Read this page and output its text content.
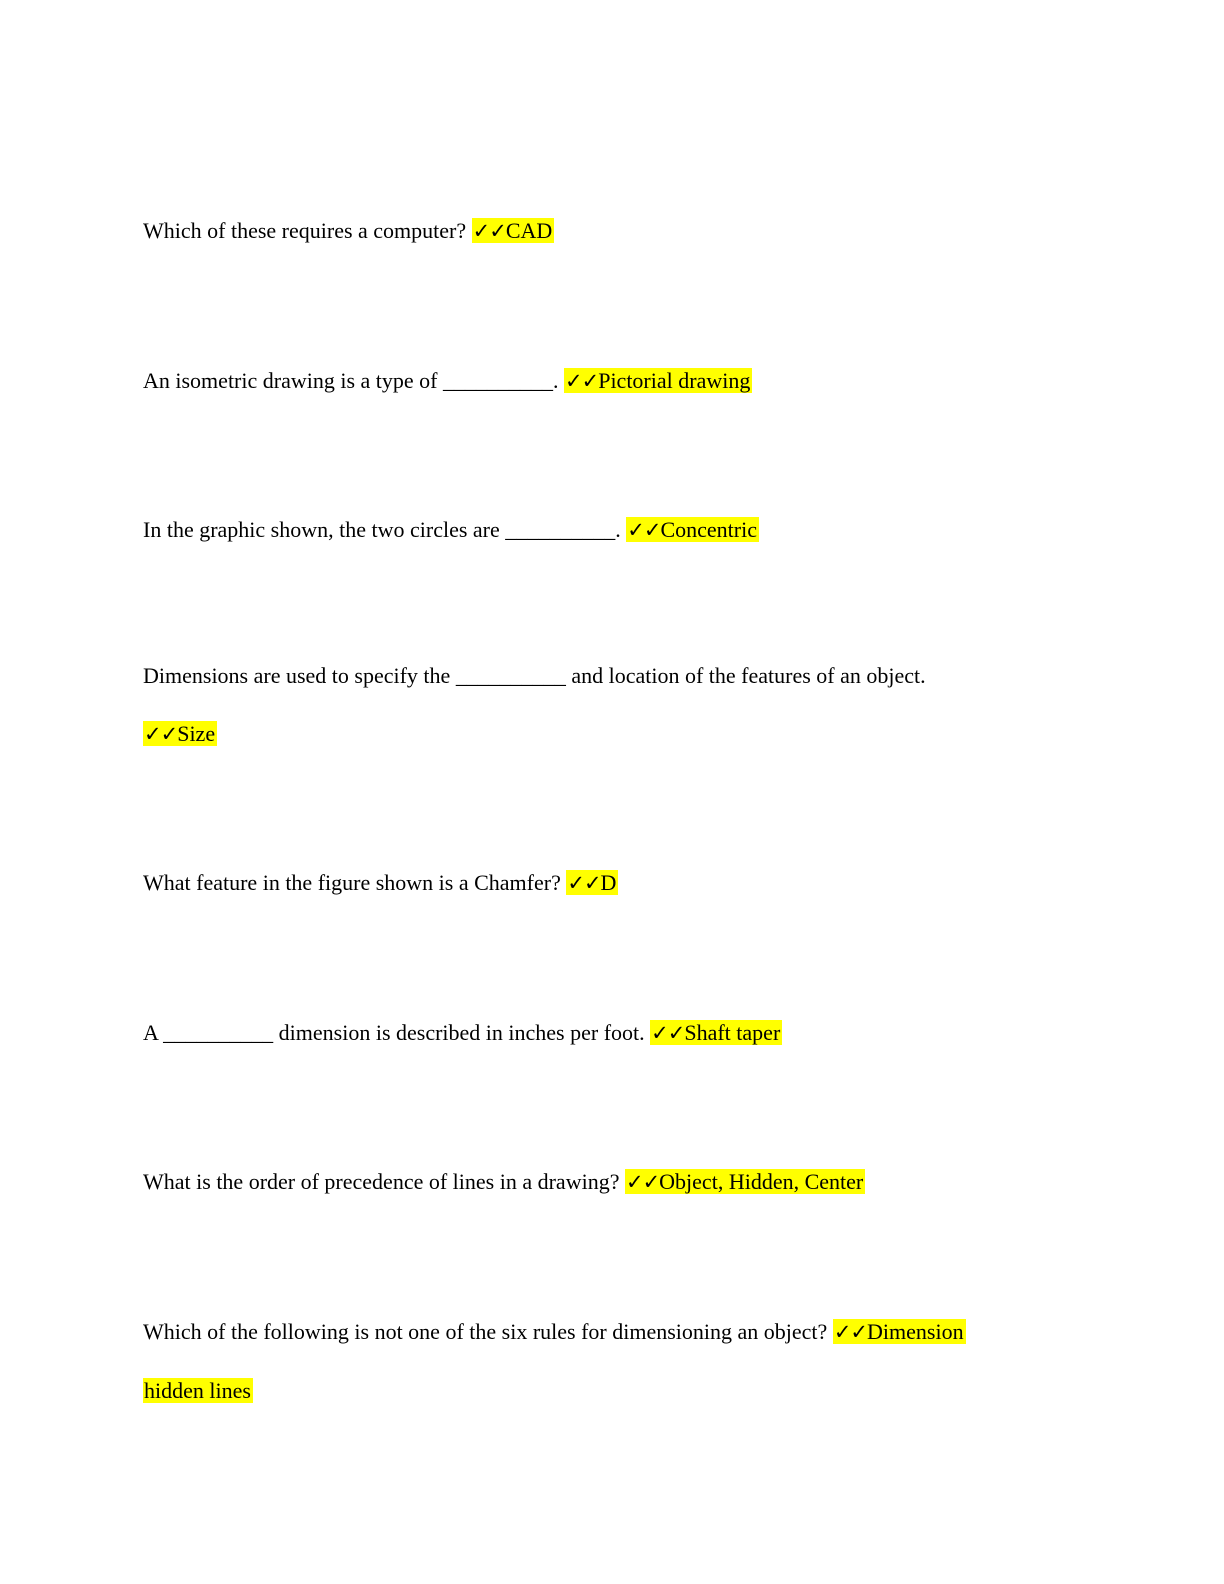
Which of these requires a computer? ✓✓CAD
An isometric drawing is a type of __________. ✓✓Pictorial drawing
In the graphic shown, the two circles are __________. ✓✓Concentric
Dimensions are used to specify the __________ and location of the features of an object.
✓✓Size
What feature in the figure shown is a Chamfer? ✓✓D
A __________ dimension is described in inches per foot. ✓✓Shaft taper
What is the order of precedence of lines in a drawing? ✓✓Object, Hidden, Center
Which of the following is not one of the six rules for dimensioning an object? ✓✓Dimension
hidden lines
